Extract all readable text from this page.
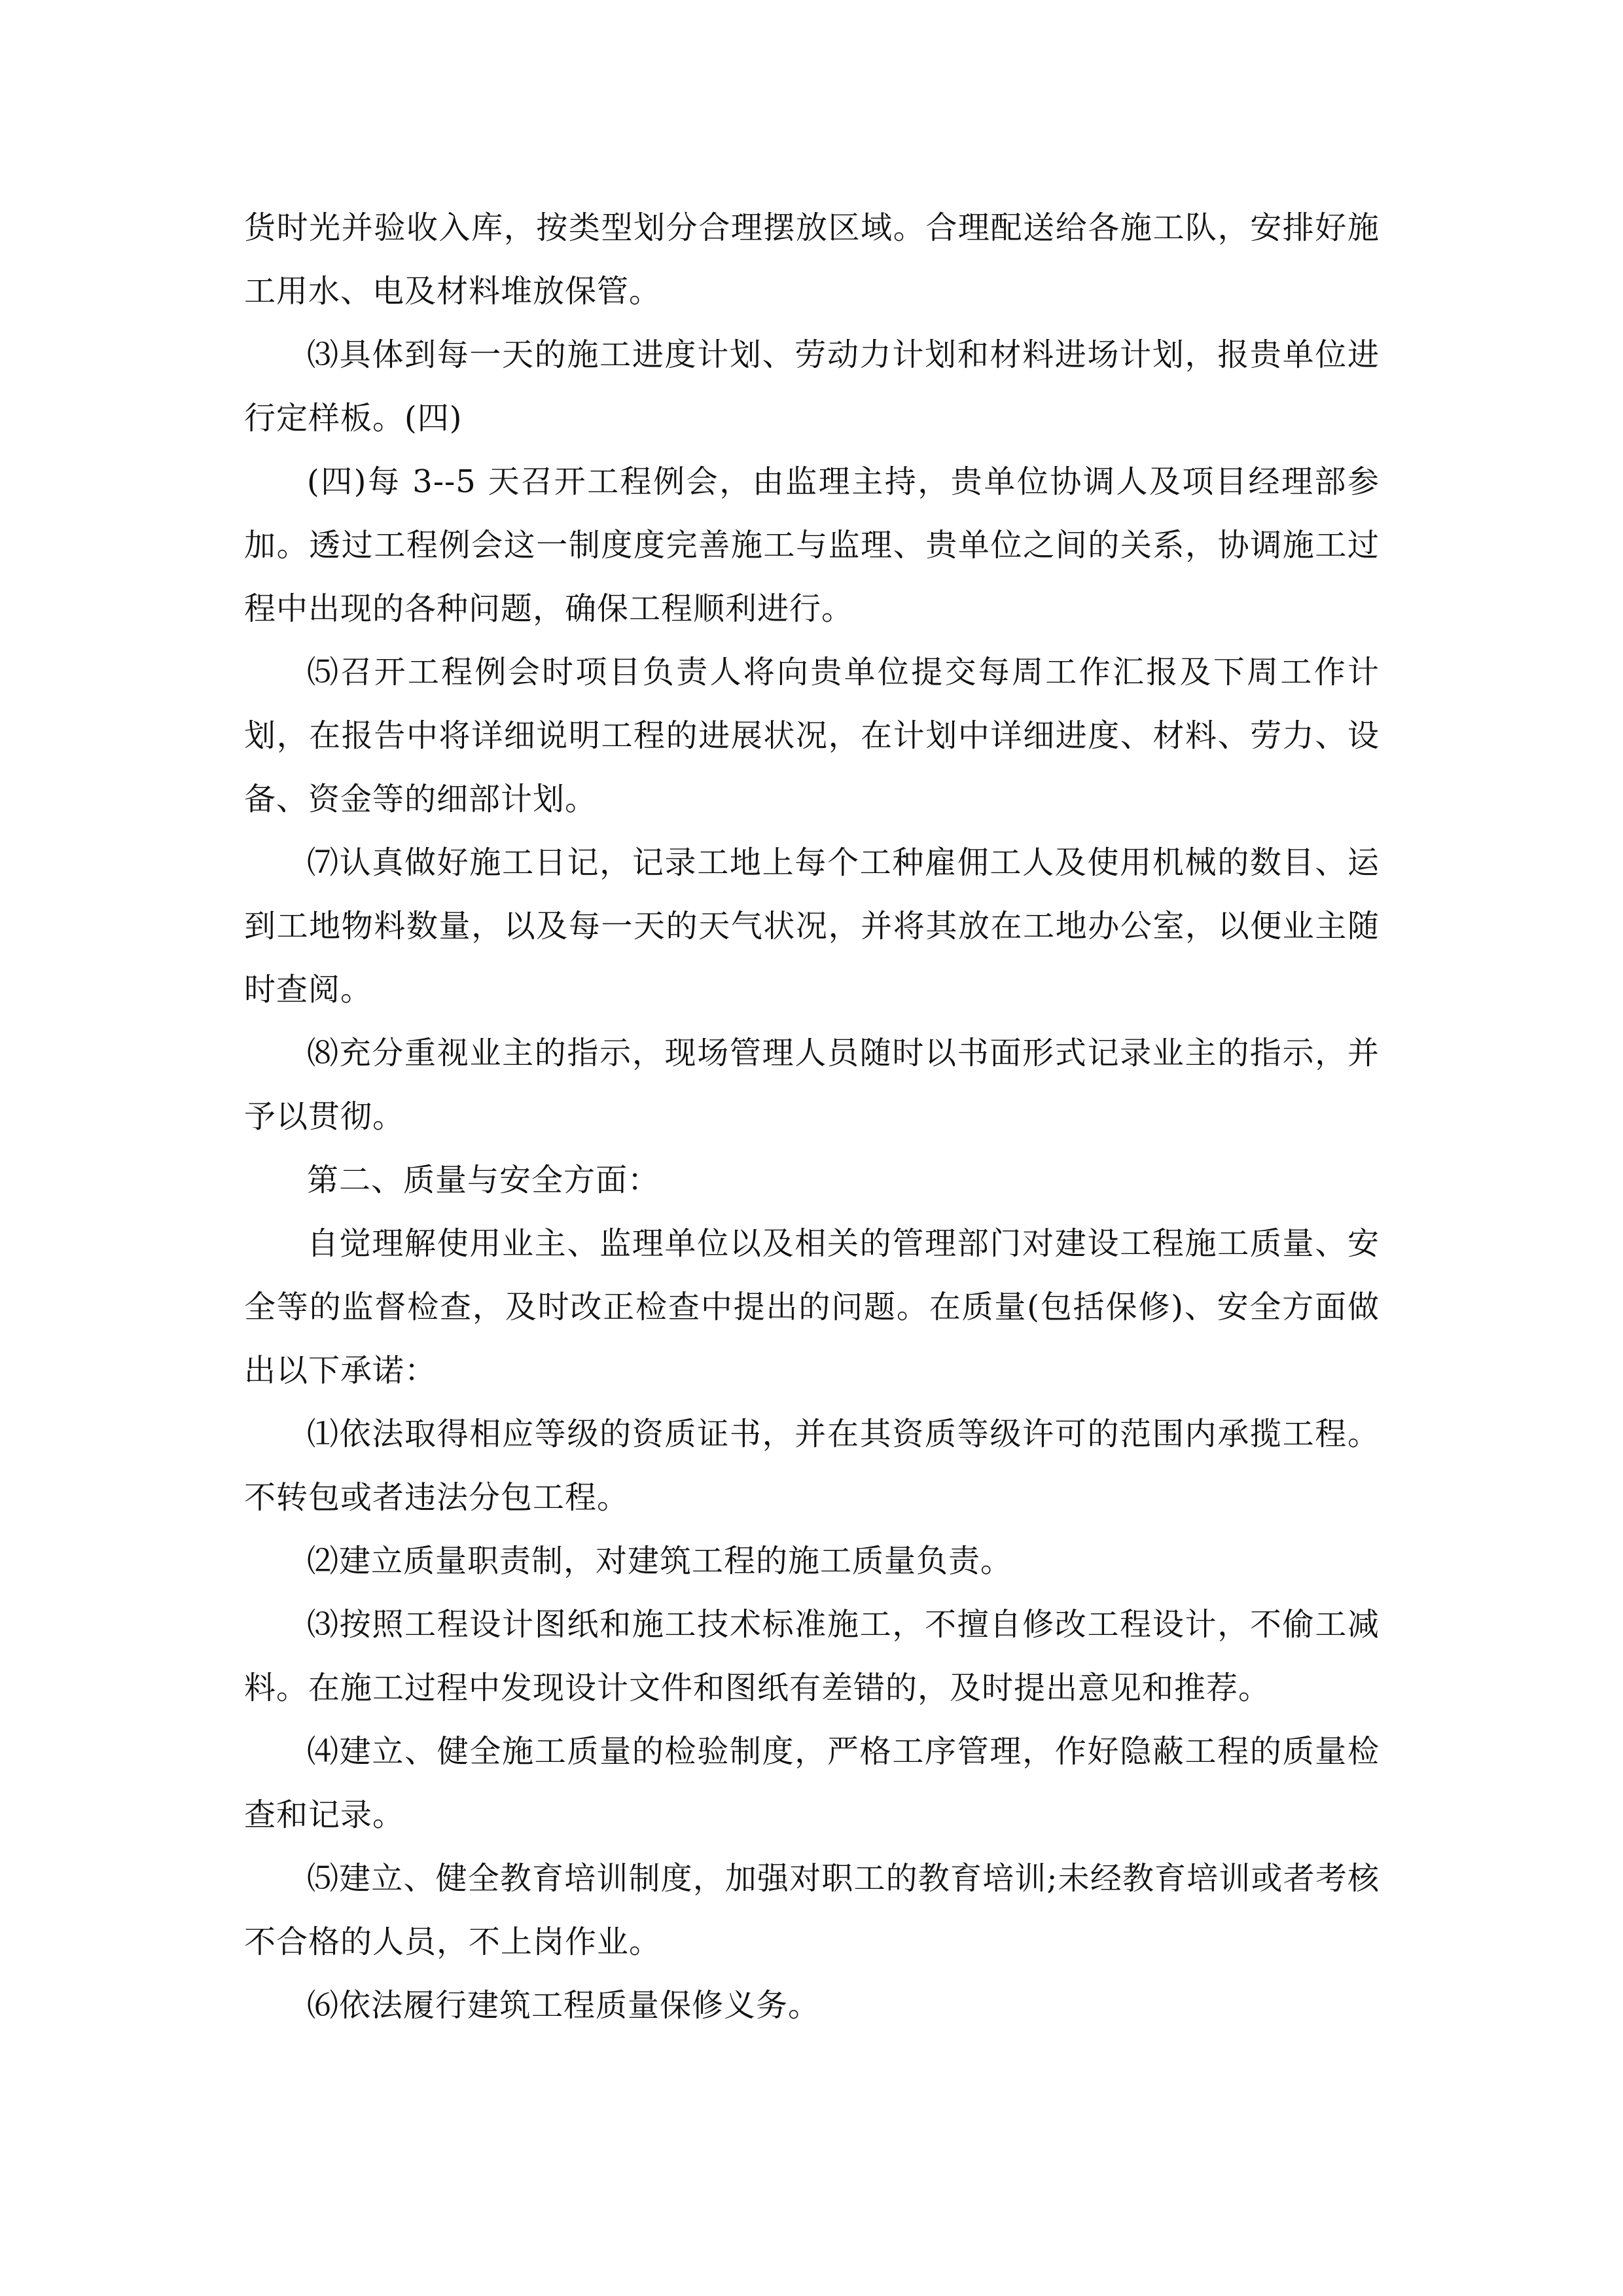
货时光并验收入库，按类型划分合理摆放区域。合理配送给各施工队，安排好施工用水、电及材料堆放保管。

⑶具体到每一天的施工进度计划、劳动力计划和材料进场计划，报贵单位进行定样板。(四)

(四)每 3--5 天召开工程例会，由监理主持，贵单位协调人及项目经理部参加。透过工程例会这一制度度完善施工与监理、贵单位之间的关系，协调施工过程中出现的各种问题，确保工程顺利进行。

⑸召开工程例会时项目负责人将向贵单位提交每周工作汇报及下周工作计划，在报告中将详细说明工程的进展状况，在计划中详细进度、材料、劳力、设备、资金等的细部计划。

⑺认真做好施工日记，记录工地上每个工种雇佣工人及使用机械的数目、运到工地物料数量，以及每一天的天气状况，并将其放在工地办公室，以便业主随时查阅。

⑻充分重视业主的指示，现场管理人员随时以书面形式记录业主的指示，并予以贯彻。

第二、质量与安全方面：

自觉理解使用业主、监理单位以及相关的管理部门对建设工程施工质量、安全等的监督检查，及时改正检查中提出的问题。在质量(包括保修)、安全方面做出以下承诺：

⑴依法取得相应等级的资质证书，并在其资质等级许可的范围内承揽工程。不转包或者违法分包工程。

⑵建立质量职责制，对建筑工程的施工质量负责。

⑶按照工程设计图纸和施工技术标准施工，不擅自修改工程设计，不偷工减料。在施工过程中发现设计文件和图纸有差错的，及时提出意见和推荐。

⑷建立、健全施工质量的检验制度，严格工序管理，作好隐蔽工程的质量检查和记录。

⑸建立、健全教育培训制度，加强对职工的教育培训;未经教育培训或者考核不合格的人员，不上岗作业。

⑹依法履行建筑工程质量保修义务。
